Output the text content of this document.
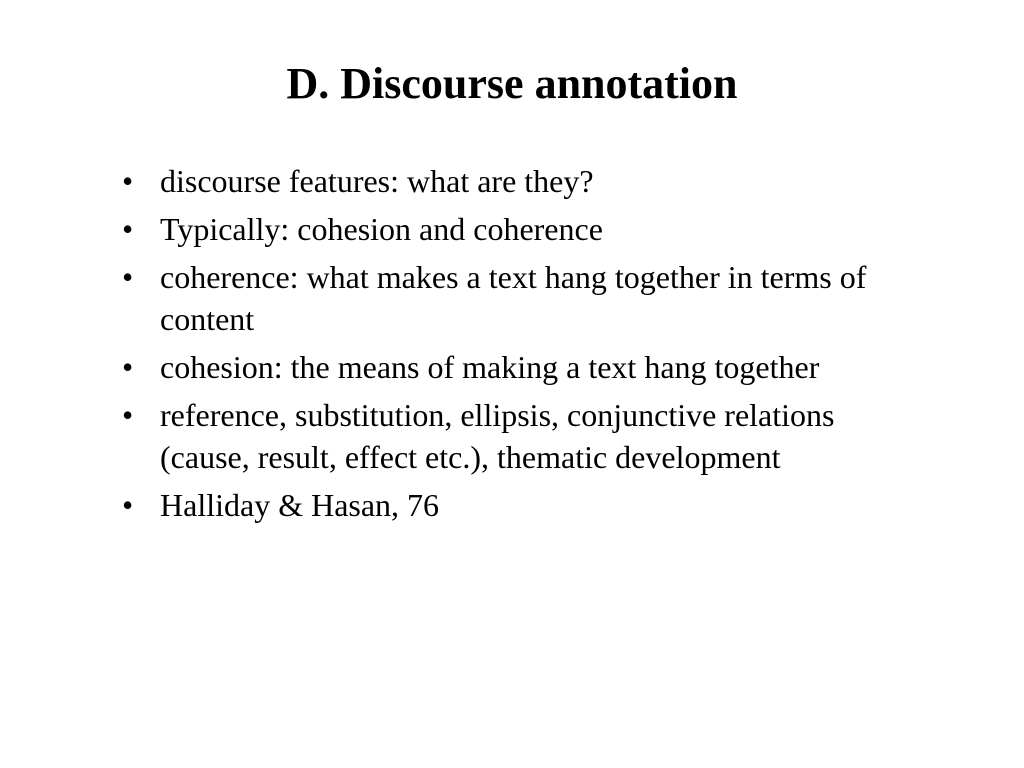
D. Discourse annotation
• discourse features: what are they?
• Typically: cohesion and coherence
• coherence: what makes a text hang together in terms of content
• cohesion: the means of making a text hang together
• reference, substitution, ellipsis, conjunctive relations (cause, result, effect etc.), thematic development
• Halliday & Hasan, 76
